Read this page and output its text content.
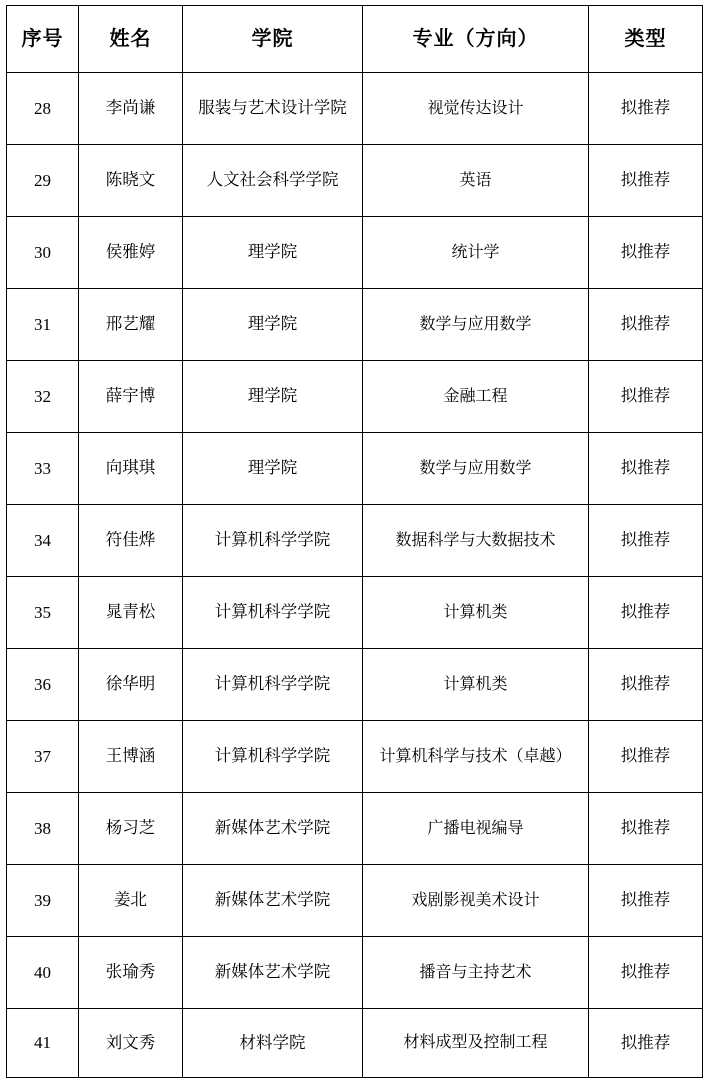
序号	姓名	学院	专业（方向）	类型
28	李尚谦	服装与艺术设计学院	视觉传达设计	拟推荐
29	陈晓文	人文社会科学学院	英语	拟推荐
30	侯雅婷	理学院	统计学	拟推荐
31	邢艺耀	理学院	数学与应用数学	拟推荐
32	薛宇博	理学院	金融工程	拟推荐
33	向琪琪	理学院	数学与应用数学	拟推荐
34	符佳烨	计算机科学学院	数据科学与大数据技术	拟推荐
35	晁青松	计算机科学学院	计算机类	拟推荐
36	徐华明	计算机科学学院	计算机类	拟推荐
37	王博涵	计算机科学学院	计算机科学与技术（卓越）	拟推荐
38	杨习芝	新媒体艺术学院	广播电视编导	拟推荐
39	姜北	新媒体艺术学院	戏剧影视美术设计	拟推荐
40	张瑜秀	新媒体艺术学院	播音与主持艺术	拟推荐
41	刘文秀	材料学院	材料成型及控制工程	拟推荐
